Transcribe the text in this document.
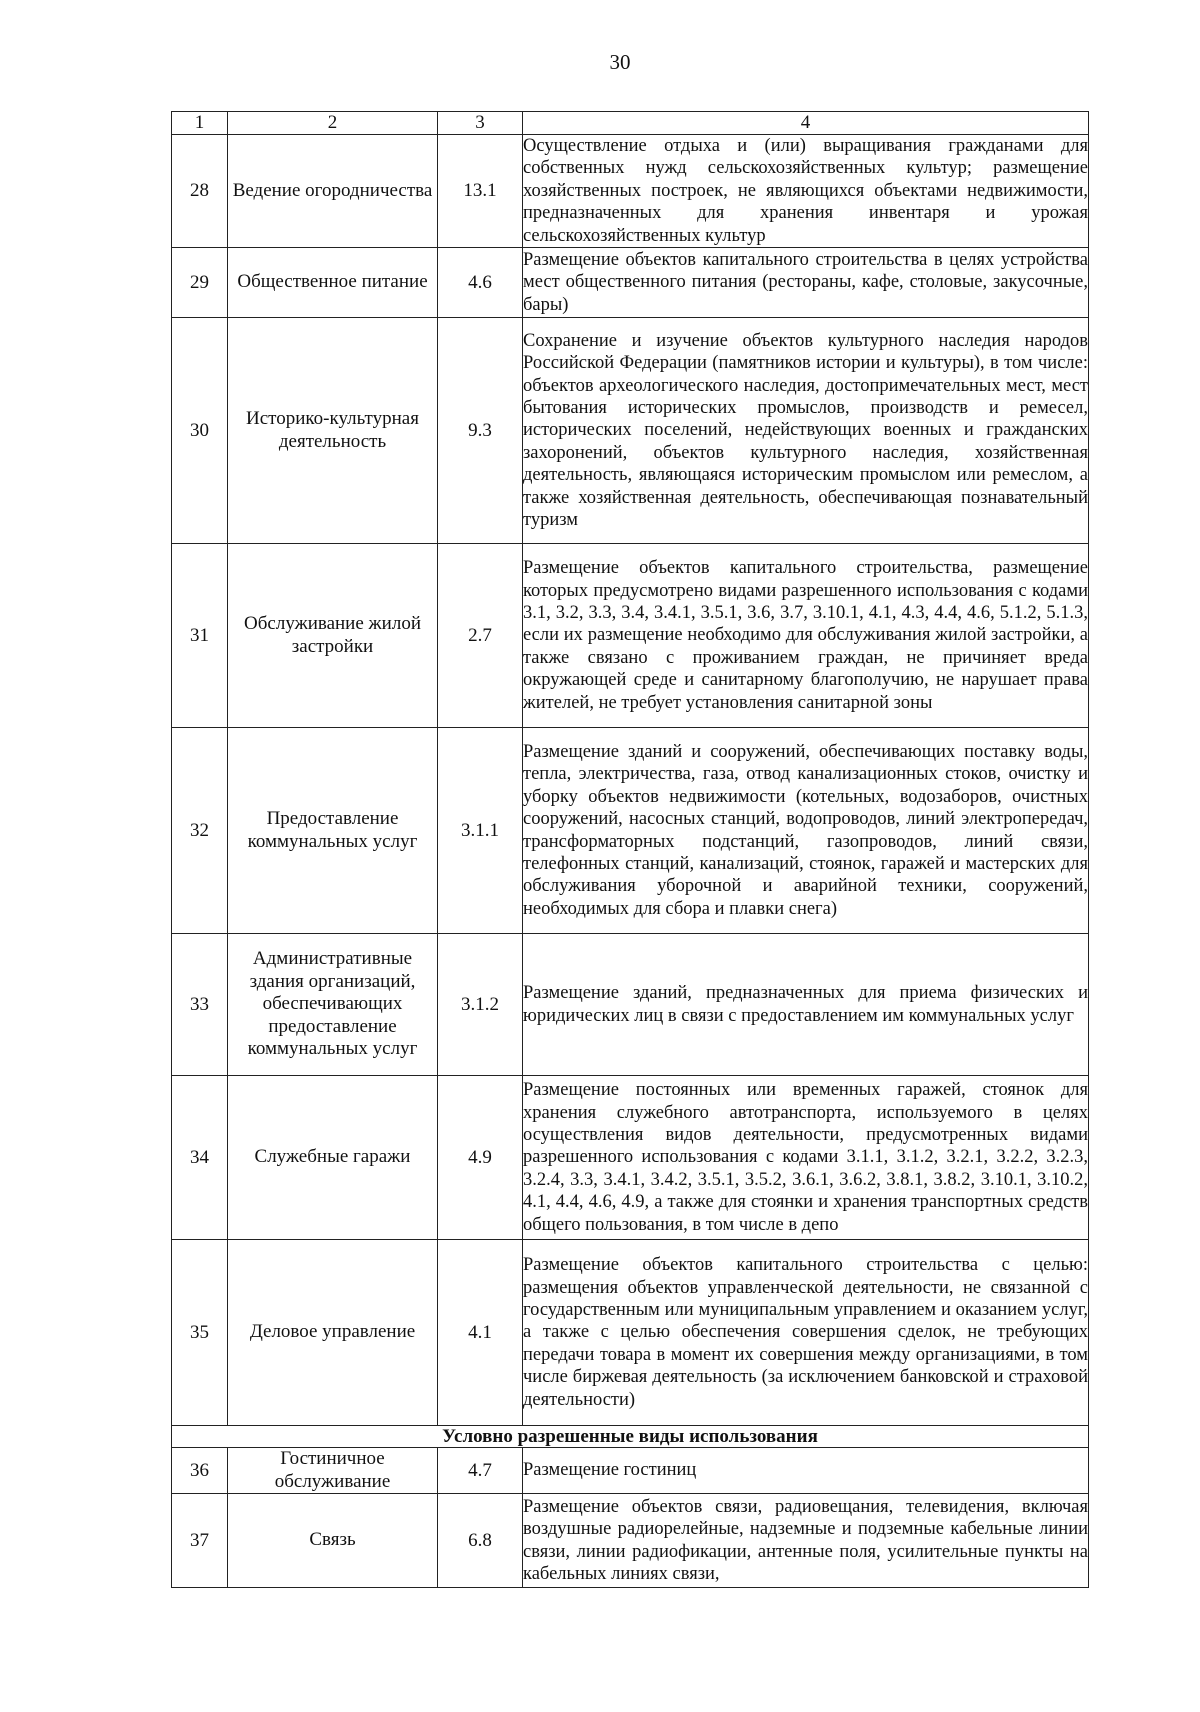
30
1	2	3	4
28	Ведение огородничества	13.1	Осуществление отдыха и (или) выращивания гражданами для собственных нужд сельскохозяйственных культур; размещение хозяйственных построек, не являющихся объектами недвижимости, предназначенных для хранения инвентаря и урожая сельскохозяйственных культур
29	Общественное питание	4.6	Размещение объектов капитального строительства в целях устройства мест общественного питания (рестораны, кафе, столовые, закусочные, бары)
30	Историко-культурная деятельность	9.3	Сохранение и изучение объектов культурного наследия народов Российской Федерации (памятников истории и культуры), в том числе: объектов археологического наследия, достопримечательных мест, мест бытования исторических промыслов, производств и ремесел, исторических поселений, недействующих военных и гражданских захоронений, объектов культурного наследия, хозяйственная деятельность, являющаяся историческим промыслом или ремеслом, а также хозяйственная деятельность, обеспечивающая познавательный туризм
31	Обслуживание жилой застройки	2.7	Размещение объектов капитального строительства, размещение которых предусмотрено видами разрешенного использования с кодами 3.1, 3.2, 3.3, 3.4, 3.4.1, 3.5.1, 3.6, 3.7, 3.10.1, 4.1, 4.3, 4.4, 4.6, 5.1.2, 5.1.3, если их размещение необходимо для обслуживания жилой застройки, а также связано с проживанием граждан, не причиняет вреда окружающей среде и санитарному благополучию, не нарушает права жителей, не требует установления санитарной зоны
32	Предоставление коммунальных услуг	3.1.1	Размещение зданий и сооружений, обеспечивающих поставку воды, тепла, электричества, газа, отвод канализационных стоков, очистку и уборку объектов недвижимости (котельных, водозаборов, очистных сооружений, насосных станций, водопроводов, линий электропередач, трансформаторных подстанций, газопроводов, линий связи, телефонных станций, канализаций, стоянок, гаражей и мастерских для обслуживания уборочной и аварийной техники, сооружений, необходимых для сбора и плавки снега)
33	Административные здания организаций, обеспечивающих предоставление коммунальных услуг	3.1.2	Размещение зданий, предназначенных для приема физических и юридических лиц в связи с предоставлением им коммунальных услуг
34	Служебные гаражи	4.9	Размещение постоянных или временных гаражей, стоянок для хранения служебного автотранспорта, используемого в целях осуществления видов деятельности, предусмотренных видами разрешенного использования с кодами 3.1.1, 3.1.2, 3.2.1, 3.2.2, 3.2.3, 3.2.4, 3.3, 3.4.1, 3.4.2, 3.5.1, 3.5.2, 3.6.1, 3.6.2, 3.8.1, 3.8.2, 3.10.1, 3.10.2, 4.1, 4.4, 4.6, 4.9, а также для стоянки и хранения транспортных средств общего пользования, в том числе в депо
35	Деловое управление	4.1	Размещение объектов капитального строительства с целью: размещения объектов управленческой деятельности, не связанной с государственным или муниципальным управлением и оказанием услуг, а также с целью обеспечения совершения сделок, не требующих передачи товара в момент их совершения между организациями, в том числе биржевая деятельность (за исключением банковской и страховой деятельности)
Условно разрешенные виды использования			
36	Гостиничное обслуживание	4.7	Размещение гостиниц
37	Связь	6.8	Размещение объектов связи, радиовещания, телевидения, включая воздушные радиорелейные, надземные и подземные кабельные линии связи, линии радиофикации, антенные поля, усилительные пункты на кабельных линиях связи,
